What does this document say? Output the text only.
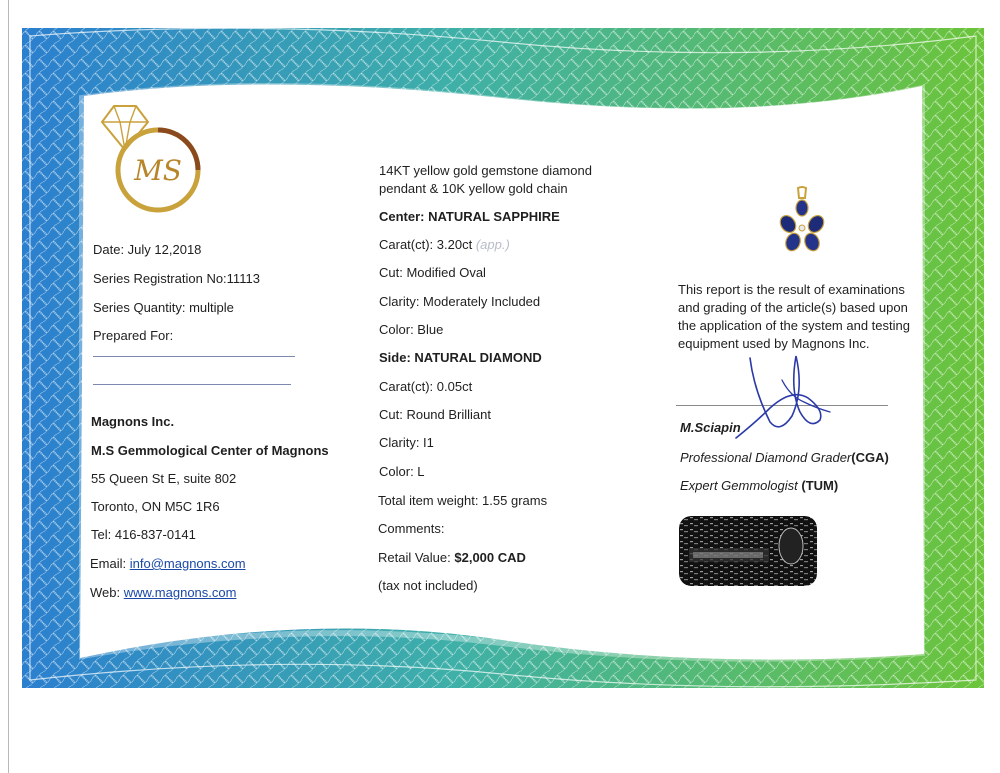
MS
Date: July 12,2018
Series Registration No:11113
Series Quantity: multiple
Prepared For:
Magnons Inc.
M.S Gemmological Center of Magnons
55 Queen St E, suite 802
Toronto, ON M5C 1R6
Tel: 416-837-0141
Email: info@magnons.com
Web: www.magnons.com
14KT yellow gold gemstone diamond
pendant & 10K yellow gold chain
Center: NATURAL SAPPHIRE
Carat(ct): 3.20ct (app.)
Cut: Modified Oval
Clarity: Moderately Included
Color: Blue
Side: NATURAL DIAMOND
Carat(ct): 0.05ct
Cut: Round Brilliant
Clarity: I1
Color: L
Total item weight: 1.55 grams
Comments:
Retail Value: $2,000 CAD
(tax not included)
This report is the result of examinations
and grading of the article(s) based upon
the application of the system and testing
equipment used by Magnons Inc.
M.Sciapin
Professional Diamond Grader(CGA)
Expert Gemmologist (TUM)
